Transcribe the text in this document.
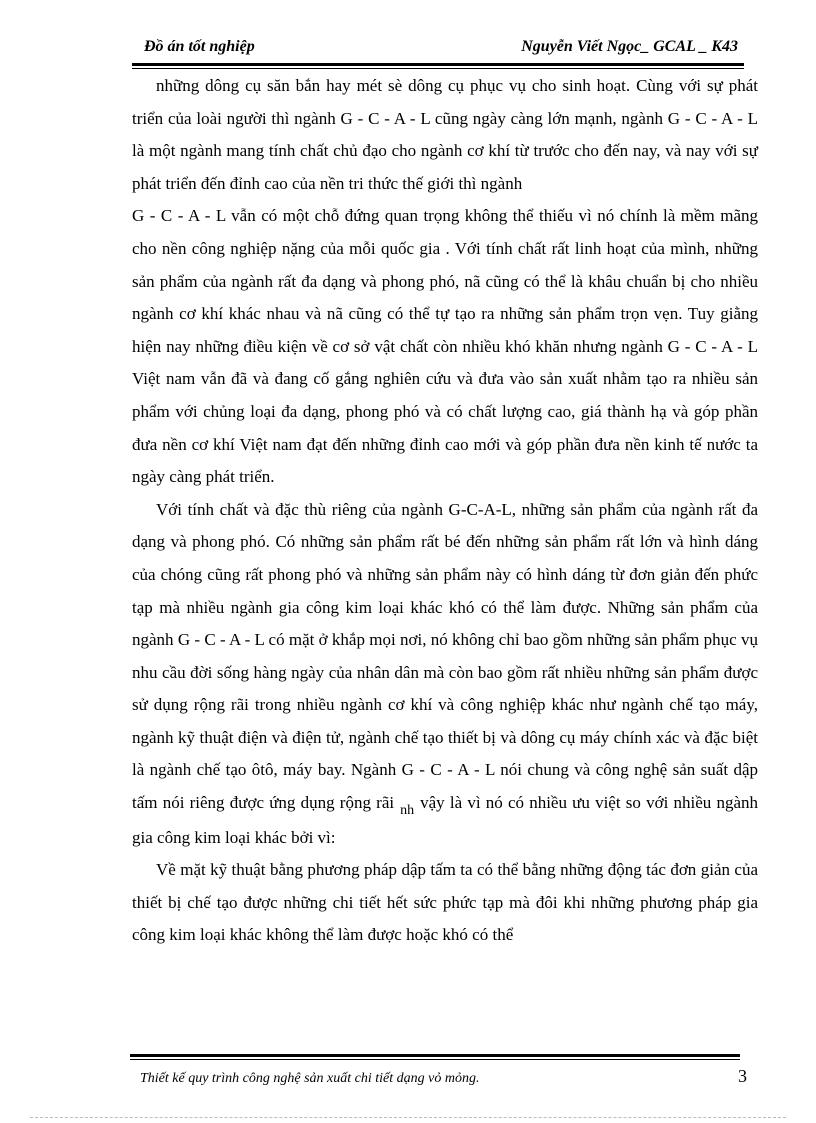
Đồ án tốt nghiệp	Nguyễn Viết Ngọc_ GCAL _ K43

những dông cụ săn bắn hay mét sè dông cụ phục vụ cho sinh hoạt. Cùng với sự phát triển của loài người thì ngành G - C - A - L cũng ngày càng lớn mạnh, ngành G - C - A - L là một ngành mang tính chất chủ đạo cho ngành cơ khí từ trước cho đến nay, và nay với sự phát triển đến đỉnh cao của nền tri thức thế giới thì ngành

G - C - A - L vẫn có một chỗ đứng quan trọng không thể thiếu vì nó chính là mềm mãng cho nền công nghiệp nặng của mỗi quốc gia . Với tính chất rất linh hoạt của mình, những sản phẩm của ngành rất đa dạng và phong phó, nã cũng có thể là khâu chuẩn bị cho nhiều ngành cơ khí khác nhau và nã cũng có thể tự tạo ra những sản phẩm trọn vẹn. Tuy giằng hiện nay những điều kiện về cơ sở vật chất còn nhiều khó khăn nhưng ngành G - C - A - L Việt nam vẫn đã và đang cố gắng nghiên cứu và đưa vào sản xuất nhằm tạo ra nhiều sản phẩm với chủng loại đa dạng, phong phó và có chất lượng cao, giá thành hạ và góp phần đưa nền cơ khí Việt nam đạt đến những đỉnh cao mới và góp phần đưa nền kinh tế nước ta ngày càng phát triển.

Với tính chất và đặc thù riêng của ngành G-C-A-L, những sản phẩm của ngành rất đa dạng và phong phó. Có những sản phẩm rất bé đến những sản phẩm rất lớn và hình dáng của chóng cũng rất phong phó và những sản phẩm này có hình dáng từ đơn giản đến phức tạp mà nhiều ngành gia công kim loại khác khó có thể làm được. Những sản phẩm của ngành G - C - A - L có mặt ở khắp mọi nơi, nó không chỉ bao gồm những sản phẩm phục vụ nhu cầu đời sống hàng ngày của nhân dân mà còn bao gồm rất nhiều những sản phẩm được sử dụng rộng rãi trong nhiều ngành cơ khí và công nghiệp khác như ngành chế tạo máy, ngành kỹ thuật điện và điện tử, ngành chế tạo thiết bị và dông cụ máy chính xác và đặc biệt là ngành chế tạo ôtô, máy bay. Ngành G - C - A - L nói chung và công nghệ sản suất dập tấm nói riêng được ứng dụng rộng rãi $_{nh}$ vậy là vì nó có nhiều ưu việt so với nhiều ngành gia công kim loại khác bởi vì:

Về mặt kỹ thuật bằng phương pháp dập tấm ta có thể bằng những động tác đơn giản của thiết bị chế tạo được những chi tiết hết sức phức tạp mà đôi khi những phương pháp gia công kim loại khác không thể làm được hoặc khó có thể

Thiết kế quy trình công nghệ sản xuất chi tiết dạng vỏ mỏng.	3
